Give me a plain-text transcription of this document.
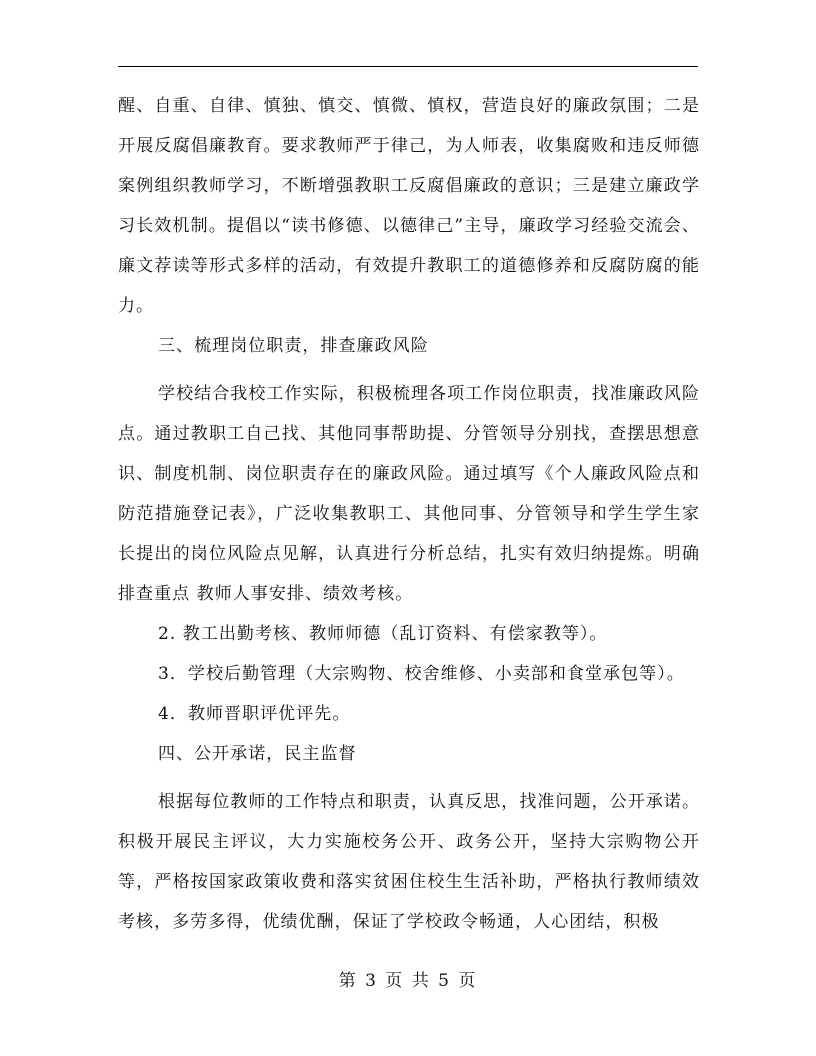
醒、自重、自律、慎独、慎交、慎微、慎权，营造良好的廉政氛围；二是开展反腐倡廉教育。要求教师严于律己，为人师表，收集腐败和违反师德案例组织教师学习，不断增强教职工反腐倡廉政的意识；三是建立廉政学习长效机制。提倡以“读书修德、以德律己”主导，廉政学习经验交流会、廉文荐读等形式多样的活动，有效提升教职工的道德修养和反腐防腐的能力。

三、梳理岗位职责，排查廉政风险

学校结合我校工作实际，积极梳理各项工作岗位职责，找准廉政风险点。通过教职工自己找、其他同事帮助提、分管领导分别找，查摆思想意识、制度机制、岗位职责存在的廉政风险。通过填写《个人廉政风险点和防范措施登记表》，广泛收集教职工、其他同事、分管领导和学生学生家长提出的岗位风险点见解，认真进行分析总结，扎实有效归纳提炼。明确排查重点 教师人事安排、绩效考核。

2. 教工出勤考核、教师师德（乱订资料、有偿家教等）。

3．学校后勤管理（大宗购物、校舍维修、小卖部和食堂承包等）。

4．教师晋职评优评先。

四、公开承诺，民主监督

根据每位教师的工作特点和职责，认真反思，找准问题，公开承诺。积极开展民主评议，大力实施校务公开、政务公开，坚持大宗购物公开等，严格按国家政策收费和落实贫困住校生生活补助，严格执行教师绩效考核，多劳多得，优绩优酬，保证了学校政令畅通，人心团结，积极

第 3 页 共 5 页
